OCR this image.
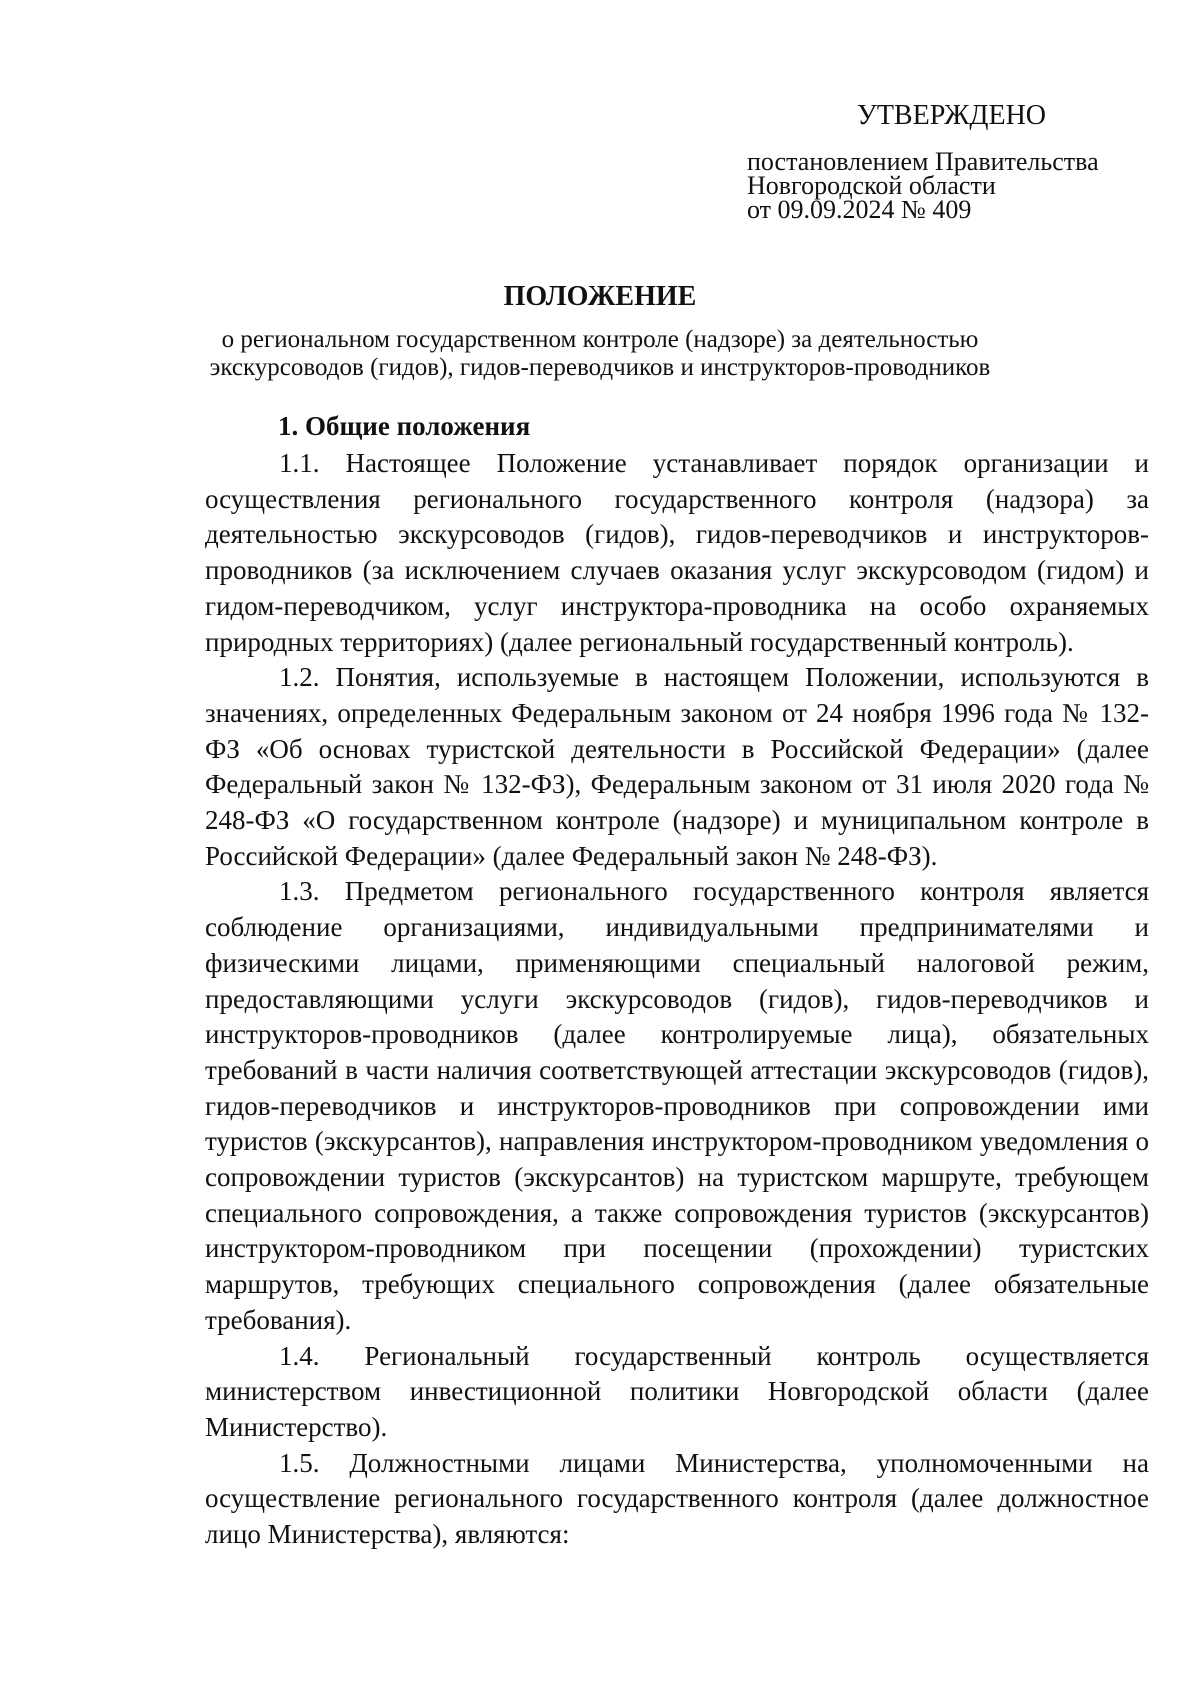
УТВЕРЖДЕНО
постановлением Правительства
Новгородской области
от 09.09.2024 № 409
ПОЛОЖЕНИЕ
о региональном государственном контроле (надзоре) за деятельностью
экскурсоводов (гидов), гидов-переводчиков и инструкторов-проводников
1. Общие положения

1.1. Настоящее Положение устанавливает порядок организации и осуществления регионального государственного контроля (надзора) за деятельностью экскурсоводов (гидов), гидов-переводчиков и инструкторов-проводников (за исключением случаев оказания услуг экскурсоводом (гидом) и гидом-переводчиком, услуг инструктора-проводника на особо охраняемых природных территориях) (далее региональный государственный контроль).

1.2. Понятия, используемые в настоящем Положении, используются в значениях, определенных Федеральным законом от 24 ноября 1996 года № 132-ФЗ «Об основах туристской деятельности в Российской Федерации» (далее Федеральный закон № 132-ФЗ), Федеральным законом от 31 июля 2020 года № 248-ФЗ «О государственном контроле (надзоре) и муниципальном контроле в Российской Федерации» (далее Федеральный закон № 248-ФЗ).

1.3. Предметом регионального государственного контроля является соблюдение организациями, индивидуальными предпринимателями и физическими лицами, применяющими специальный налоговой режим, предоставляющими услуги экскурсоводов (гидов), гидов-переводчиков и инструкторов-проводников (далее контролируемые лица), обязательных требований в части наличия соответствующей аттестации экскурсоводов (гидов), гидов-переводчиков и инструкторов-проводников при сопровождении ими туристов (экскурсантов), направления инструктором-проводником уведомления о сопровождении туристов (экскурсантов) на туристском маршруте, требующем специального сопровождения, а также сопровождения туристов (экскурсантов) инструктором-проводником при посещении (прохождении) туристских маршрутов, требующих специального сопровождения (далее обязательные требования).

1.4. Региональный государственный контроль осуществляется министерством инвестиционной политики Новгородской области (далее Министерство).

1.5. Должностными лицами Министерства, уполномоченными на осуществление регионального государственного контроля (далее должностное лицо Министерства), являются:
